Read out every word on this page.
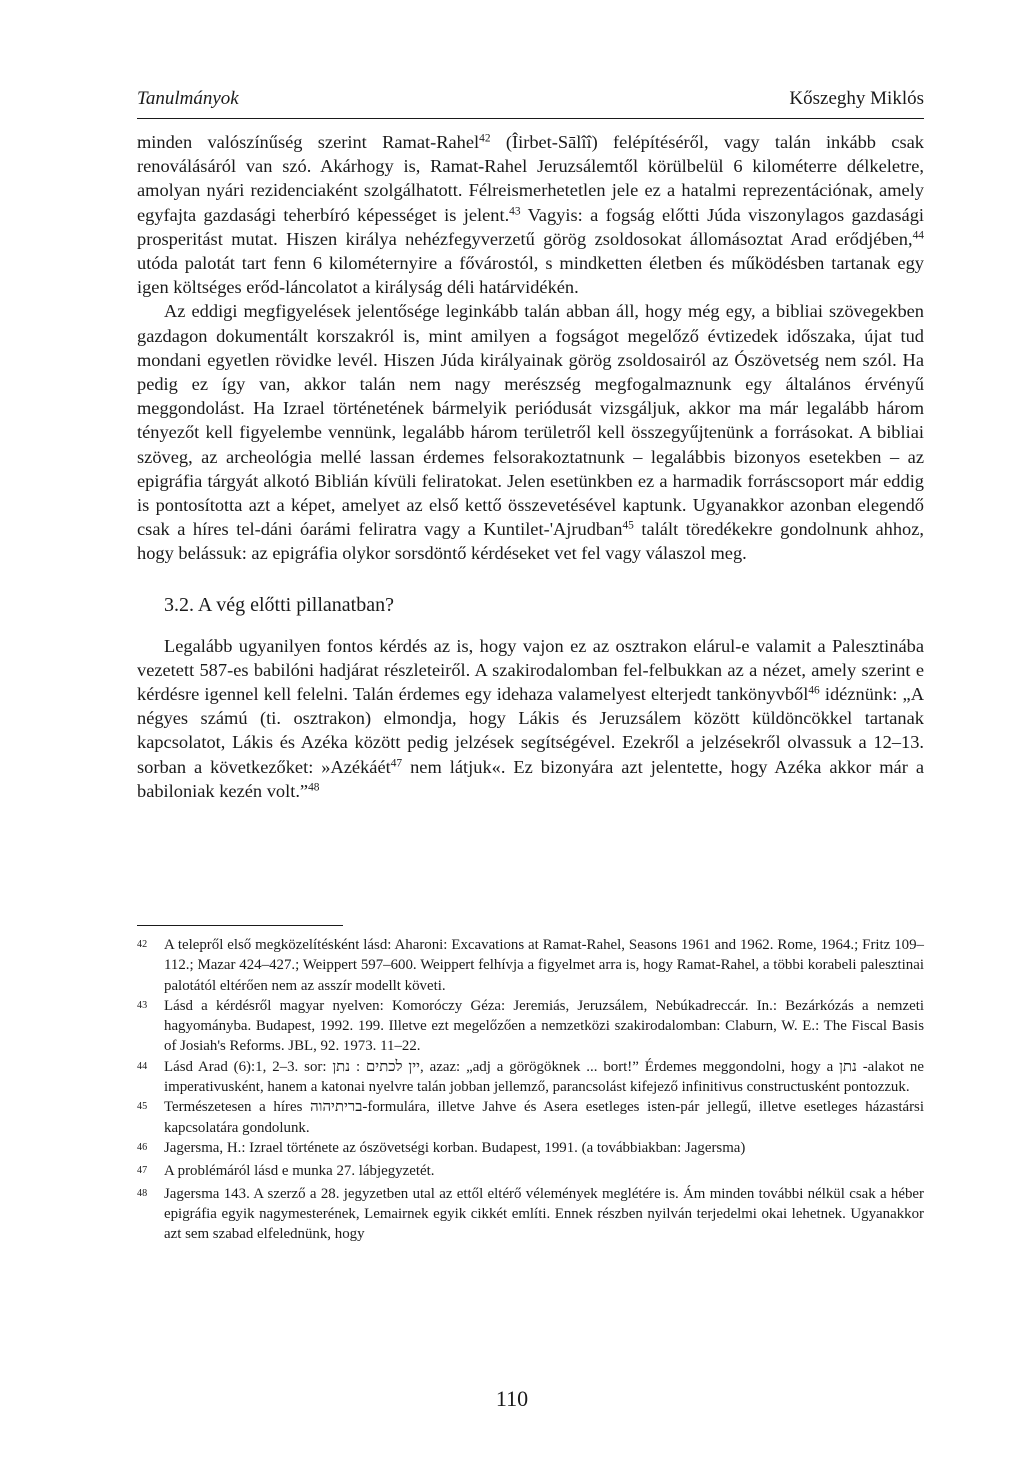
Tanulmányok	Kőszeghy Miklós

minden valószínűség szerint Ramat-Rahel$^{42}$ (Îirbet-Sālîî) felépítéséről, vagy talán inkább csak renoválásáról van szó. Akárhogy is, Ramat-Rahel Jeruzsálemtől körülbelül 6 kilométerre délkeletre, amolyan nyári rezidenciaként szolgálhatott. Félreismerhetetlen jele ez a hatalmi reprezentációnak, amely egyfajta gazdasági teherbíró képességet is jelent.$^{43}$ Vagyis: a fogság előtti Júda viszonylagos gazdasági prosperitást mutat. Hiszen királya nehézfegyverzetű görög zsoldosokat állomásoztat Arad erődjében,$^{44}$ utóda palotát tart fenn 6 kilométernyire a fővárostól, s mindketten életben és működésben tartanak egy igen költséges erőd-láncolatot a királyság déli határvidékén.

Az eddigi megfigyelések jelentősége leginkább talán abban áll, hogy még egy, a bibliai szövegekben gazdagon dokumentált korszakról is, mint amilyen a fogságot megelőző évtizedek időszaka, újat tud mondani egyetlen rövidke levél. Hiszen Júda királyainak görög zsoldosairól az Ószövetség nem szól. Ha pedig ez így van, akkor talán nem nagy merészség megfogalmaznunk egy általános érvényű meggondolást. Ha Izrael történetének bármelyik periódusát vizsgáljuk, akkor ma már legalább három tényezőt kell figyelembe vennünk, legalább három területről kell összegyűjtenünk a forrásokat. A bibliai szöveg, az archeológia mellé lassan érdemes felsorakoztatnunk – legalábbis bizonyos esetekben – az epigráfia tárgyát alkotó Biblián kívüli feliratokat. Jelen esetünkben ez a harmadik forráscsoport már eddig is pontosította azt a képet, amelyet az első kettő összevetésével kaptunk. Ugyanakkor azonban elegendő csak a híres tel-dáni óarámi feliratra vagy a Kuntilet-'Ajrudban$^{45}$ talált töredékekre gondolnunk ahhoz, hogy belássuk: az epigráfia olykor sorsdöntő kérdéseket vet fel vagy válaszol meg.

3.2. A vég előtti pillanatban?

Legalább ugyanilyen fontos kérdés az is, hogy vajon ez az osztrakon elárul-e valamit a Palesztinába vezetett 587-es babilóni hadjárat részleteiről. A szakirodalomban fel-felbukkan az a nézet, amely szerint e kérdésre igennel kell felelni. Talán érdemes egy idehaza valamelyest elterjedt tankönyvből$^{46}$ idéznünk: „A négyes számú (ti. osztrakon) elmondja, hogy Lákis és Jeruzsálem között küldöncökkel tartanak kapcsolatot, Lákis és Azéka között pedig jelzések segítségével. Ezekről a jelzésekről olvassuk a 12–13. sorban a következőket: »Azékáét$^{47}$ nem látjuk«. Ez bizonyára azt jelentette, hogy Azéka akkor már a babiloniak kezén volt.”$^{48}$

$^{42}$	A telepről első megközelítésként lásd: Aharoni: Excavations at Ramat-Rahel, Seasons 1961 and 1962. Rome, 1964.; Fritz 109–112.; Mazar 424–427.; Weippert 597–600. Weippert felhívja a figyelmet arra is, hogy Ramat-Rahel, a többi korabeli palesztinai palotától eltérően nem az asszír modellt követi.
$^{43}$	Lásd a kérdésről magyar nyelven: Komoróczy Géza: Jeremiás, Jeruzsálem, Nebúkadreccár. In.: Bezárkózás a nemzeti hagyományba. Budapest, 1992. 199. Illetve ezt megelőzően a nemzetközi szakirodalomban: Claburn, W. E.: The Fiscal Basis of Josiah's Reforms. JBL, 92. 1973. 11–22.
$^{44}$	Lásd Arad (6):1, 2–3. sor: יין לכתים : נתן, azaz: „adj a görögöknek ... bort!” Érdemes meggondolni, hogy a נתן -alakot ne imperativusként, hanem a katonai nyelvre talán jobban jellemző, parancsolást kifejező infinitivus constructusként pontozzuk.
$^{45}$	Természetesen a híres בריתיהוה-formulára, illetve Jahve és Asera esetleges isten-pár jellegű, illetve esetleges házastársi kapcsolatára gondolunk.
$^{46}$	Jagersma, H.: Izrael története az ószövetségi korban. Budapest, 1991. (a továbbiakban: Jagersma)
$^{47}$	A problémáról lásd e munka 27. lábjegyzetét.
$^{48}$	Jagersma 143. A szerző a 28. jegyzetben utal az ettől eltérő vélemények meglétére is. Ám minden további nélkül csak a héber epigráfia egyik nagymesterének, Lemairnek egyik cikkét említi. Ennek részben nyilván terjedelmi okai lehetnek. Ugyanakkor azt sem szabad elfelednünk, hogy
110
